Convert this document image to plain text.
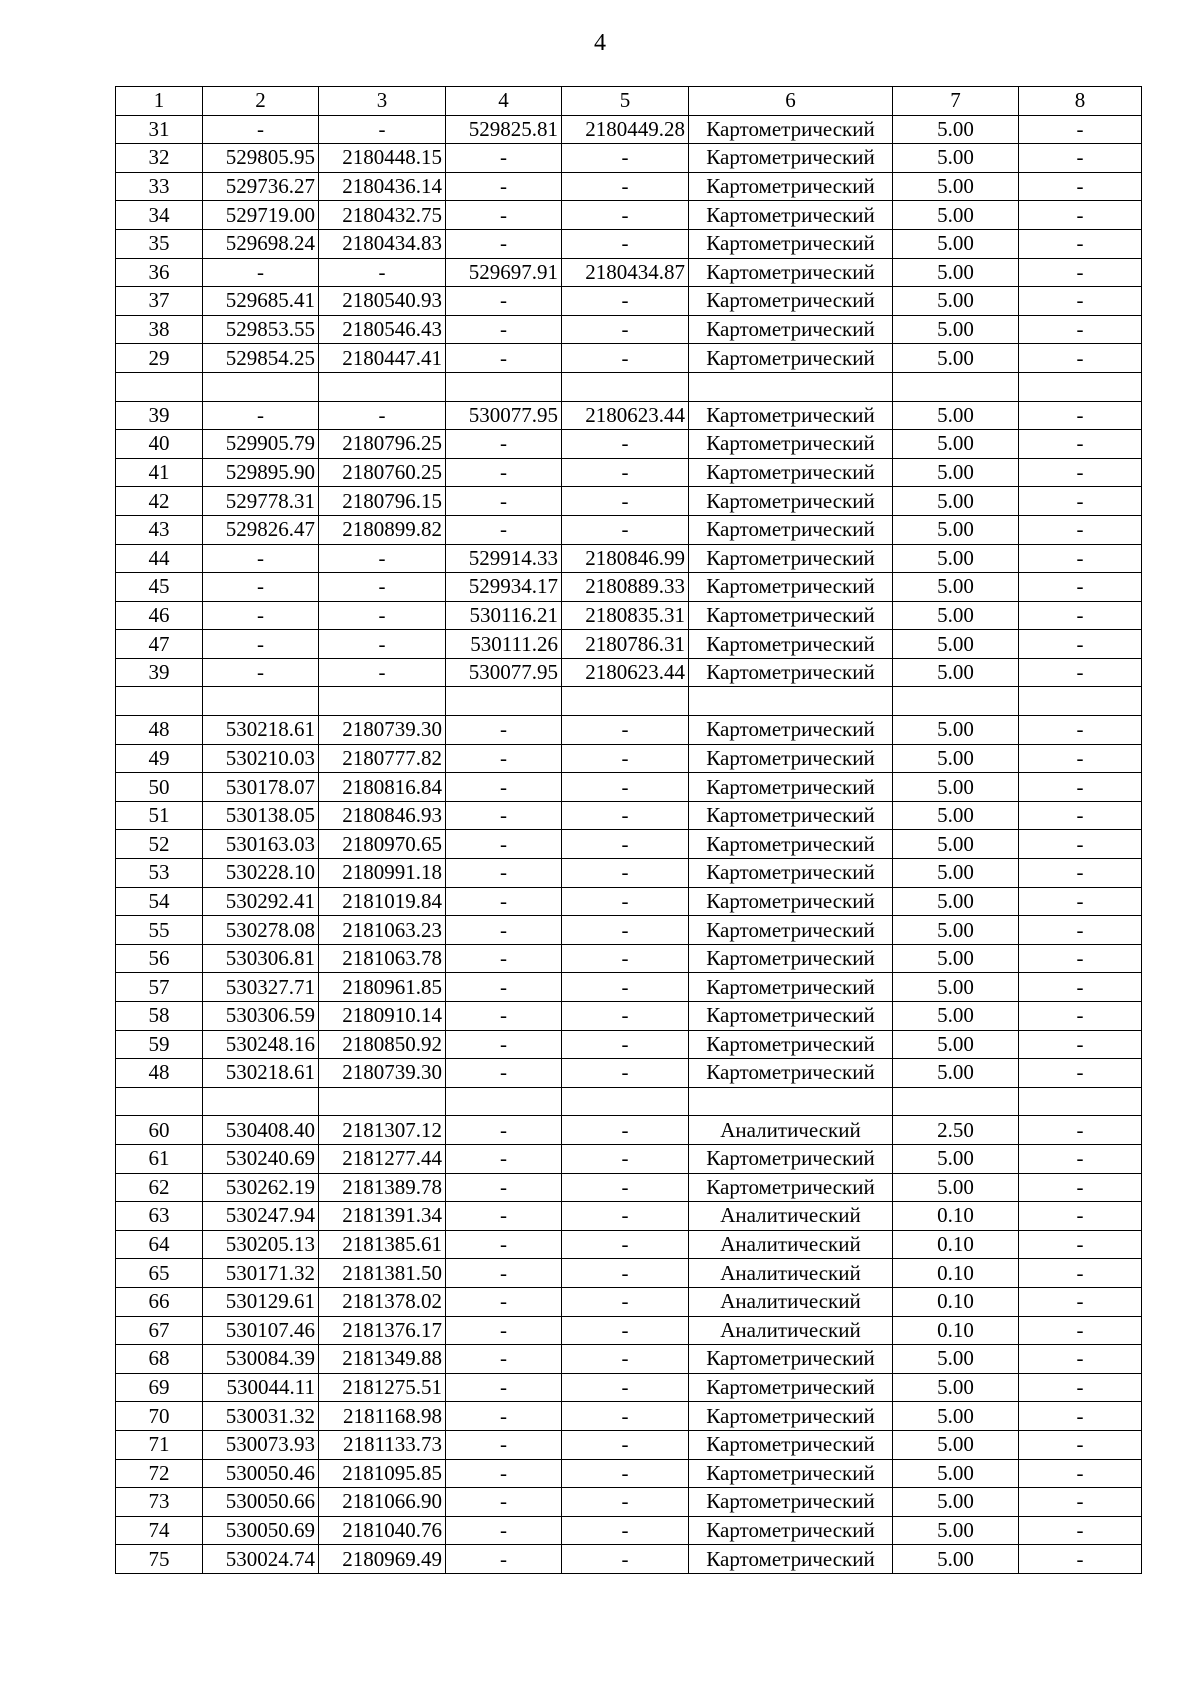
4
1	2	3	4	5	6	7	8
31	-	-	529825.81	2180449.28	Картометрический	5.00	-
32	529805.95	2180448.15	-	-	Картометрический	5.00	-
33	529736.27	2180436.14	-	-	Картометрический	5.00	-
34	529719.00	2180432.75	-	-	Картометрический	5.00	-
35	529698.24	2180434.83	-	-	Картометрический	5.00	-
36	-	-	529697.91	2180434.87	Картометрический	5.00	-
37	529685.41	2180540.93	-	-	Картометрический	5.00	-
38	529853.55	2180546.43	-	-	Картометрический	5.00	-
29	529854.25	2180447.41	-	-	Картометрический	5.00	-

39	-	-	530077.95	2180623.44	Картометрический	5.00	-
40	529905.79	2180796.25	-	-	Картометрический	5.00	-
41	529895.90	2180760.25	-	-	Картометрический	5.00	-
42	529778.31	2180796.15	-	-	Картометрический	5.00	-
43	529826.47	2180899.82	-	-	Картометрический	5.00	-
44	-	-	529914.33	2180846.99	Картометрический	5.00	-
45	-	-	529934.17	2180889.33	Картометрический	5.00	-
46	-	-	530116.21	2180835.31	Картометрический	5.00	-
47	-	-	530111.26	2180786.31	Картометрический	5.00	-
39	-	-	530077.95	2180623.44	Картометрический	5.00	-

48	530218.61	2180739.30	-	-	Картометрический	5.00	-
49	530210.03	2180777.82	-	-	Картометрический	5.00	-
50	530178.07	2180816.84	-	-	Картометрический	5.00	-
51	530138.05	2180846.93	-	-	Картометрический	5.00	-
52	530163.03	2180970.65	-	-	Картометрический	5.00	-
53	530228.10	2180991.18	-	-	Картометрический	5.00	-
54	530292.41	2181019.84	-	-	Картометрический	5.00	-
55	530278.08	2181063.23	-	-	Картометрический	5.00	-
56	530306.81	2181063.78	-	-	Картометрический	5.00	-
57	530327.71	2180961.85	-	-	Картометрический	5.00	-
58	530306.59	2180910.14	-	-	Картометрический	5.00	-
59	530248.16	2180850.92	-	-	Картометрический	5.00	-
48	530218.61	2180739.30	-	-	Картометрический	5.00	-

60	530408.40	2181307.12	-	-	Аналитический	2.50	-
61	530240.69	2181277.44	-	-	Картометрический	5.00	-
62	530262.19	2181389.78	-	-	Картометрический	5.00	-
63	530247.94	2181391.34	-	-	Аналитический	0.10	-
64	530205.13	2181385.61	-	-	Аналитический	0.10	-
65	530171.32	2181381.50	-	-	Аналитический	0.10	-
66	530129.61	2181378.02	-	-	Аналитический	0.10	-
67	530107.46	2181376.17	-	-	Аналитический	0.10	-
68	530084.39	2181349.88	-	-	Картометрический	5.00	-
69	530044.11	2181275.51	-	-	Картометрический	5.00	-
70	530031.32	2181168.98	-	-	Картометрический	5.00	-
71	530073.93	2181133.73	-	-	Картометрический	5.00	-
72	530050.46	2181095.85	-	-	Картометрический	5.00	-
73	530050.66	2181066.90	-	-	Картометрический	5.00	-
74	530050.69	2181040.76	-	-	Картометрический	5.00	-
75	530024.74	2180969.49	-	-	Картометрический	5.00	-
